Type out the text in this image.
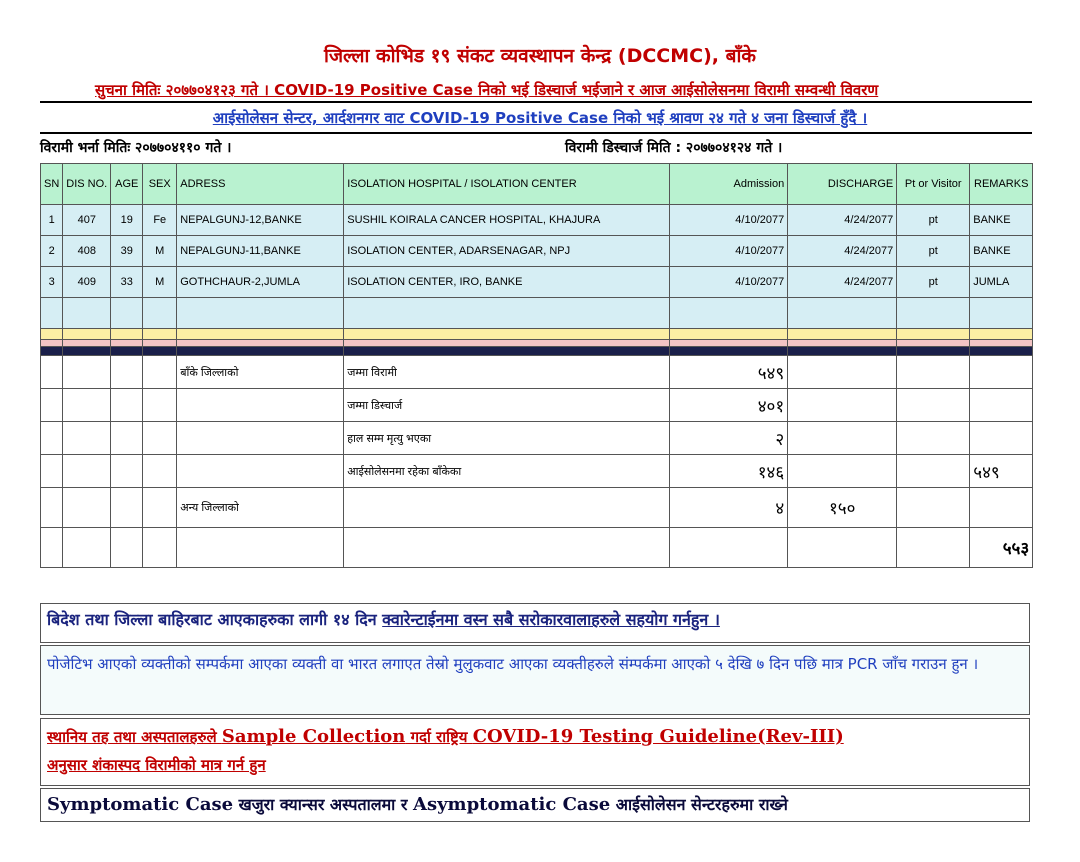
जिल्ला कोभिड १९ संकट व्यवस्थापन केन्द्र (DCCMC), बाँके
सुचना मितिः २०७७०४१२३ गते । COVID-19 Positive Case निको भई डिस्चार्ज भईजाने र आज आईसोलेसनमा विरामी सम्वन्धी विवरण
आईसोलेसन सेन्टर, आर्दशनगर वाट COVID-19 Positive Case निको भई श्रावण २४ गते ४ जना डिस्चार्ज हुँदै ।
विरामी भर्ना मितिः २०७७०४११० गते ।	विरामी डिस्चार्ज मिति : २०७७०४१२४ गते ।
SN	DIS NO.	AGE	SEX	ADRESS	ISOLATION HOSPITAL / ISOLATION CENTER	Admission	DISCHARGE	Pt or Visitor	REMARKS
1	407	19	Fe	NEPALGUNJ-12,BANKE	SUSHIL KOIRALA CANCER HOSPITAL, KHAJURA	4/10/2077	4/24/2077	pt	BANKE
2	408	39	M	NEPALGUNJ-11,BANKE	ISOLATION CENTER, ADARSENAGAR, NPJ	4/10/2077	4/24/2077	pt	BANKE
3	409	33	M	GOTHCHAUR-2,JUMLA	ISOLATION CENTER, IRO, BANKE	4/10/2077	4/24/2077	pt	JUMLA

				बाँके जिल्लाको	जम्मा विरामी	५४९			
					जम्मा डिस्चार्ज	४०१			
					हाल सम्म मृत्यु भएका	२			
					आईसोलेसनमा रहेका बाँकेका	१४६			५४९
				अन्य जिल्लाको		४	१५०		
									५५३
बिदेश तथा जिल्ला बाहिरबाट आएकाहरुका लागी १४ दिन क्वारेन्टाईनमा वस्न सबै सरोकारवालाहरुले सहयोग गर्नहुन ।
पोजेटिभ आएको व्यक्तीको सम्पर्कमा आएका व्यक्ती वा भारत लगाएत तेस्रो मुलुकवाट आएका व्यक्तीहरुले संम्पर्कमा आएको ५ देखि ७ दिन पछि मात्र PCR जाँच गराउन हुन ।
स्थानिय तह तथा अस्पतालहरुले Sample Collection गर्दा राष्ट्रिय COVID-19 Testing Guideline(Rev-III)
अनुसार शंकास्पद विरामीको मात्र गर्न हुन
Symptomatic Case खजुरा क्यान्सर अस्पतालमा र Asymptomatic Case आईसोलेसन सेन्टरहरुमा राख्ने
